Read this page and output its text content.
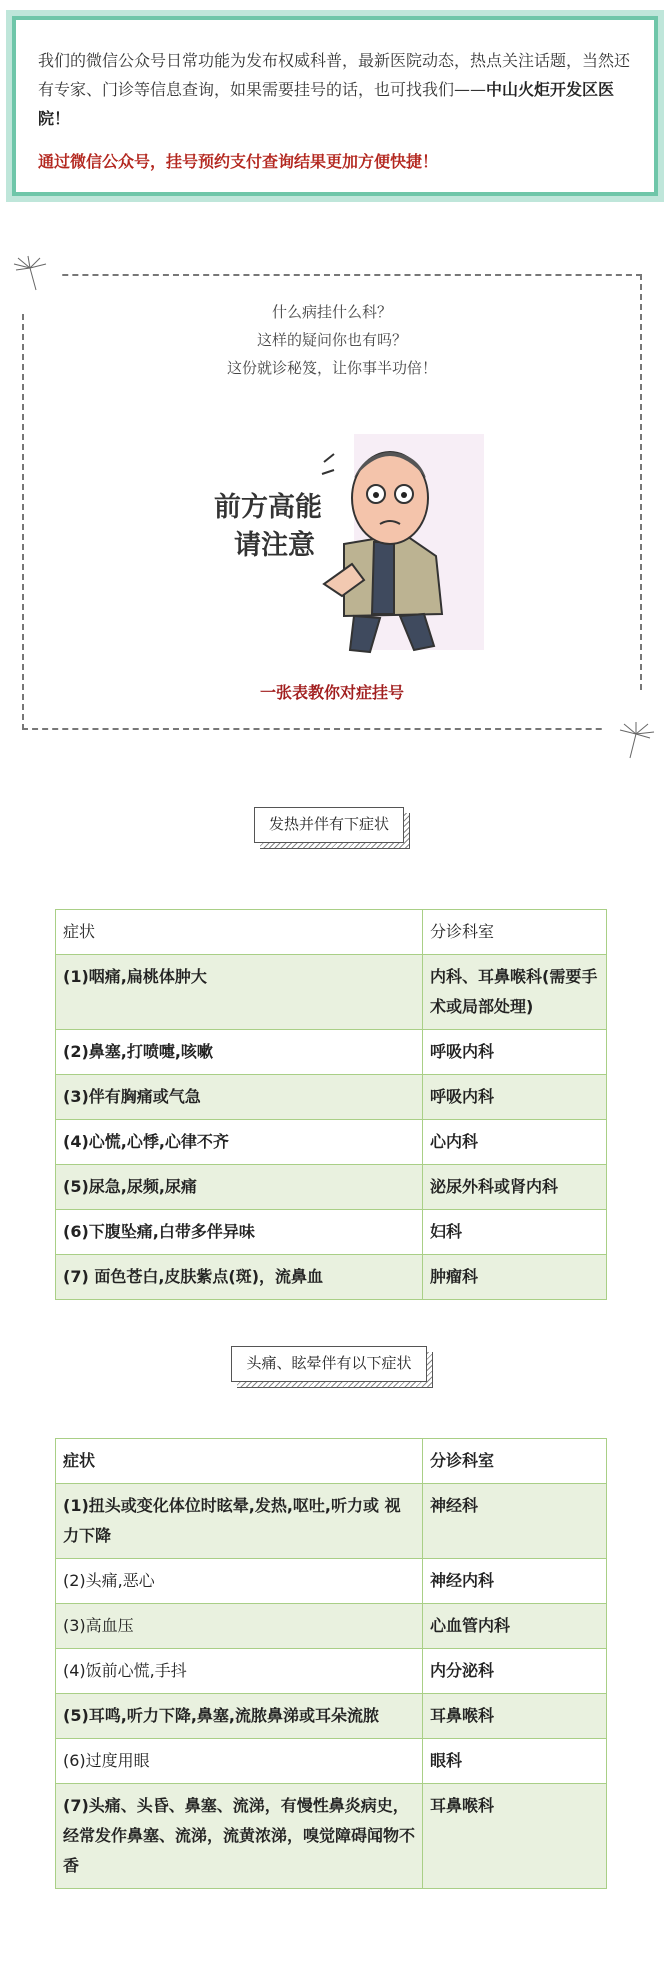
我们的微信公众号日常功能为发布权威科普，最新医院动态，热点关注话题，当然还有专家、门诊等信息查询，如果需要挂号的话，也可找我们——中山火炬开发区医院！

通过微信公众号，挂号预约支付查询结果更加方便快捷！

什么病挂什么科？
这样的疑问你也有吗？
这份就诊秘笈，让你事半功倍！
前方高能
请注意
一张表教你对症挂号
发热并伴有下症状
症状	分诊科室
(1)咽痛,扁桃体肿大	内科、耳鼻喉科(需要手术或局部处理)
(2)鼻塞,打喷嚏,咳嗽	呼吸内科
(3)伴有胸痛或气急	呼吸内科
(4)心慌,心悸,心律不齐	心内科
(5)尿急,尿频,尿痛	泌尿外科或肾内科
(6)下腹坠痛,白带多伴异味	妇科
(7) 面色苍白,皮肤紫点(斑)，流鼻血	肿瘤科
头痛、眩晕伴有以下症状
症状	分诊科室
(1)扭头或变化体位时眩晕,发热,呕吐,听力或 视力下降	神经科
(2)头痛,恶心	神经内科
(3)高血压	心血管内科
(4)饭前心慌,手抖	内分泌科
(5)耳鸣,听力下降,鼻塞,流脓鼻涕或耳朵流脓	耳鼻喉科
(6)过度用眼	眼科
(7)头痛、头昏、鼻塞、流涕，有慢性鼻炎病史，经常发作鼻塞、流涕，流黄浓涕，嗅觉障碍闻物不香	耳鼻喉科
